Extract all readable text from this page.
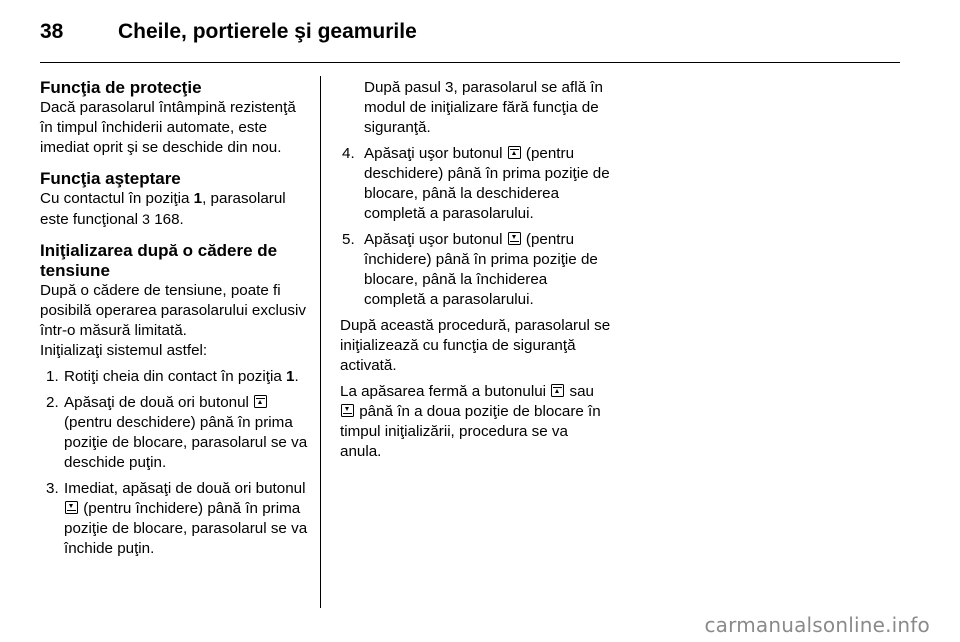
38	Cheile, portierele şi geamurile
Funcţia de protecţie

Dacă parasolarul întâmpină rezistenţă în timpul închiderii automate, este imediat oprit şi se deschide din nou.

Funcţia aşteptare

Cu contactul în poziţia 1, parasolarul este funcţional 3 168.

Iniţializarea după o cădere de
tensiune

După o cădere de tensiune, poate fi posibilă operarea parasolarului exclusiv într-o măsură limitată.

Iniţializaţi sistemul astfel:

1. Rotiţi cheia din contact în poziţia 1.
2. Apăsaţi de două ori butonul  (pentru deschidere) până în prima poziţie de blocare, parasolarul se va deschide puţin.
3. Imediat, apăsaţi de două ori butonul  (pentru închidere) până în prima poziţie de blocare, parasolarul se va închide puţin.

După pasul 3, parasolarul se află în modul de iniţializare fără funcţia de siguranţă.

4. Apăsaţi uşor butonul  (pentru deschidere) până în prima poziţie de blocare, până la deschiderea completă a parasolarului.
5. Apăsaţi uşor butonul  (pentru închidere) până în prima poziţie de blocare, până la închiderea completă a parasolarului.

După această procedură, parasolarul se iniţializează cu funcţia de siguranţă activată.

La apăsarea fermă a butonului  sau  până în a doua poziţie de blocare în timpul iniţializării, procedura se va anula.

carmanualsonline.info
